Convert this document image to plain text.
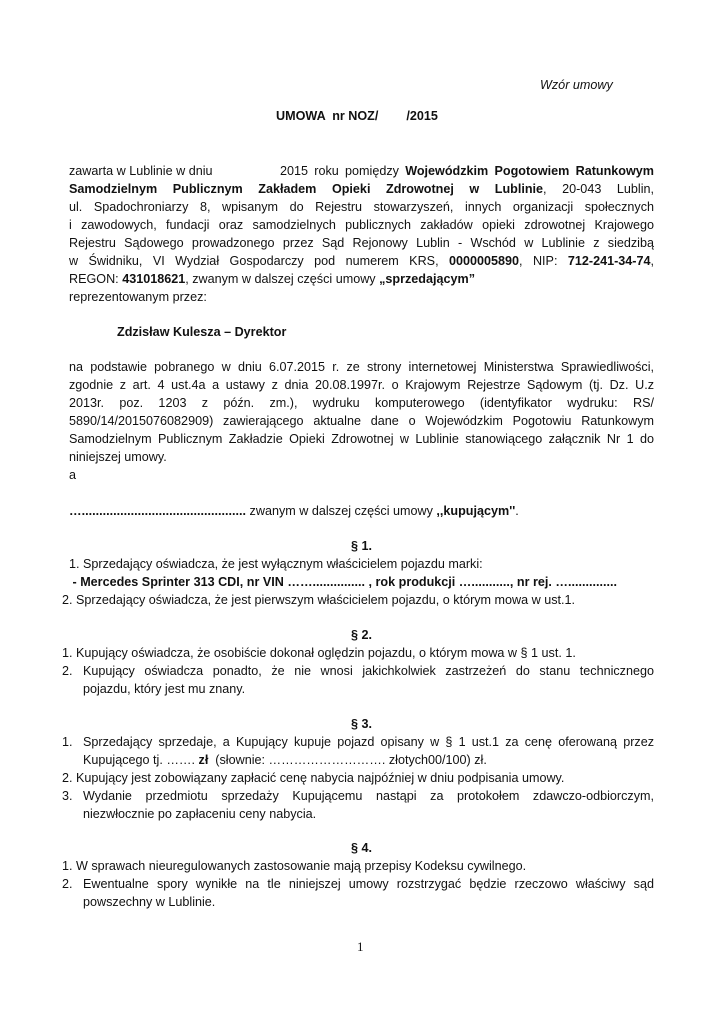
Wzór umowy
UMOWA  nr NOZ/        /2015
zawarta w Lublinie w dniu	2015 roku pomiędzy Wojewódzkim Pogotowiem Ratunkowym
Samodzielnym Publicznym Zakładem Opieki Zdrowotnej w Lublinie, 20-043 Lublin,
ul. Spadochroniarzy 8, wpisanym do Rejestru stowarzyszeń, innych organizacji społecznych
i zawodowych, fundacji oraz samodzielnych publicznych zakładów opieki zdrowotnej Krajowego
Rejestru Sądowego prowadzonego przez Sąd Rejonowy Lublin - Wschód w Lublinie z siedzibą
w Świdniku, VI Wydział Gospodarczy pod numerem KRS, 0000005890, NIP: 712-241-34-74,
REGON: 431018621, zwanym w dalszej części umowy „sprzedającym”
reprezentowanym przez:
Zdzisław Kulesza – Dyrektor
na podstawie pobranego w dniu 6.07.2015 r. ze strony internetowej Ministerstwa Sprawiedliwości,
zgodnie z art. 4 ust.4a a ustawy z dnia 20.08.1997r. o Krajowym Rejestrze Sądowym (tj. Dz. U.z
2013r. poz. 1203 z późn. zm.), wydruku komputerowego (identyfikator wydruku: RS/
5890/14/2015076082909) zawierającego aktualne dane o Wojewódzkim Pogotowiu Ratunkowym
Samodzielnym Publicznym Zakładzie Opieki Zdrowotnej w Lublinie stanowiącego załącznik Nr 1 do
niniejszej umowy.
a
…............................................... zwanym w dalszej części umowy ,,kupującym''.
§ 1.
1. Sprzedający oświadcza, że jest wyłącznym właścicielem pojazdu marki:
- Mercedes Sprinter 313 CDI, nr VIN ……............... , rok produkcji …..........., nr rej. …..............
2. Sprzedający oświadcza, że jest pierwszym właścicielem pojazdu, o którym mowa w ust.1.
§ 2.
1. Kupujący oświadcza, że osobiście dokonał oględzin pojazdu, o którym mowa w § 1 ust. 1.
2. Kupujący oświadcza ponadto, że nie wnosi jakichkolwiek zastrzeżeń do stanu technicznego
pojazdu, który jest mu znany.
§ 3.
1. Sprzedający sprzedaje, a Kupujący kupuje pojazd opisany w § 1 ust.1 za cenę oferowaną przez
Kupującego tj. ……. zł  (słownie: ………………………. złotych00/100) zł.
2. Kupujący jest zobowiązany zapłacić cenę nabycia najpóźniej w dniu podpisania umowy.
3. Wydanie przedmiotu sprzedaży Kupującemu nastąpi za protokołem zdawczo-odbiorczym,
niezwłocznie po zapłaceniu ceny nabycia.
§ 4.
1. W sprawach nieuregulowanych zastosowanie mają przepisy Kodeksu cywilnego.
2. Ewentualne spory wynikłe na tle niniejszej umowy rozstrzygać będzie rzeczowo właściwy sąd
powszechny w Lublinie.
1
